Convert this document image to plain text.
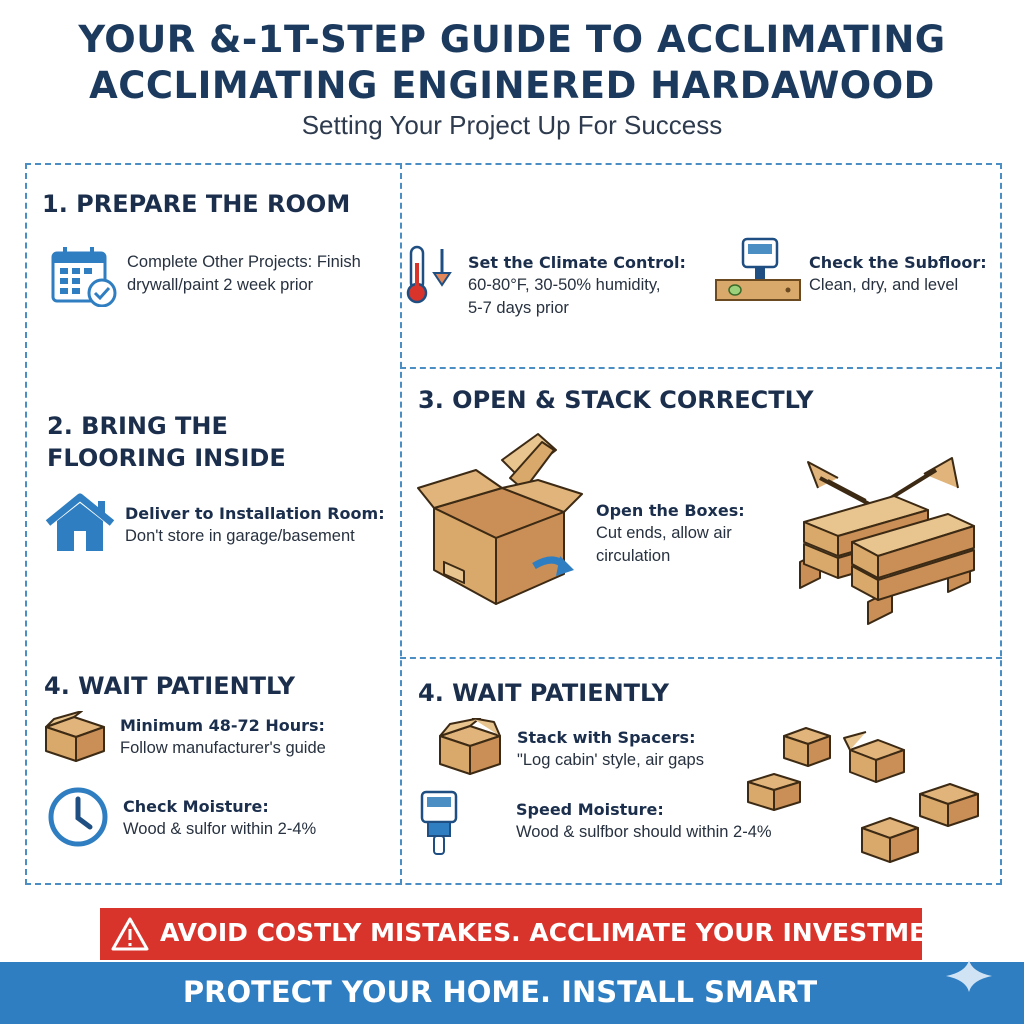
YOUR &-1T-STEP GUIDE TO ACCLIMATING
ACCLIMATING ENGINERED HARDAWOOD
Setting Your Project Up For Success
1. PREPARE THE ROOM
Complete Other Projects: Finish
drywall/paint 2 week prior
Set the Climate Control:
60-80°F, 30-50% humidity,
5-7 days prior
Check the Subfloor:
Clean, dry, and level
2. BRING THE
FLOORING INSIDE
Deliver to Installation Room:
Don't store in garage/basement
3. OPEN & STACK CORRECTLY
Open the Boxes:
Cut ends, allow air
circulation
4. WAIT PATIENTLY
Minimum 48-72 Hours:
Follow manufacturer's guide
Check Moisture:
Wood & sulfor within 2-4%
4. WAIT PATIENTLY
Stack with Spacers:
"Log cabin' style, air gaps
Speed Moisture:
Wood & sulfbor should within 2-4%
AVOID COSTLY MISTAKES. ACCLIMATE YOUR INVESTMENT
PROTECT YOUR HOME. INSTALL SMART
